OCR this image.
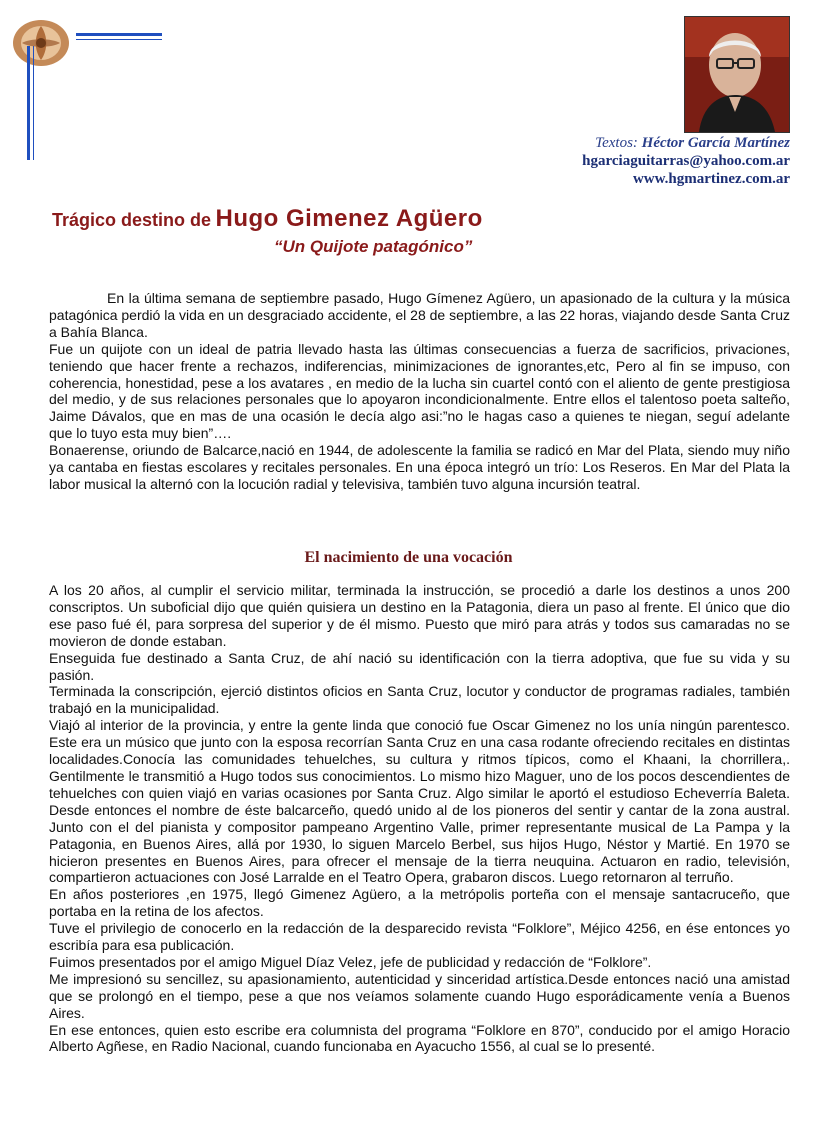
Textos: Héctor García Martínez
hgarciaguitarras@yahoo.com.ar
www.hgmartinez.com.ar
Trágico destino de Hugo Gimenez Agüero
“Un Quijote patagónico”

En la última semana de septiembre pasado, Hugo Gímenez Agüero, un apasionado de la cultura y la música patagónica perdió la vida en un desgraciado accidente, el 28 de septiembre, a las 22 horas, viajando desde Santa Cruz a Bahía Blanca.

Fue un quijote con un ideal de patria llevado hasta las últimas consecuencias a fuerza de sacrificios, privaciones, teniendo que hacer frente a rechazos, indiferencias, minimizaciones de ignorantes,etc, Pero al fin se impuso, con coherencia, honestidad, pese a los avatares , en medio de la lucha sin cuartel contó con el aliento de gente prestigiosa del medio, y de sus relaciones personales que lo apoyaron incondicionalmente. Entre ellos el talentoso poeta salteño, Jaime Dávalos, que en mas de una ocasión le decía algo asi:”no le hagas caso a quienes te niegan, seguí adelante que lo tuyo esta muy bien”….

Bonaerense, oriundo de Balcarce,nació en 1944, de adolescente la familia se radicó en Mar del Plata, siendo muy niño ya cantaba en fiestas escolares y recitales personales. En una época integró un trío: Los Reseros. En Mar del Plata la labor musical la alternó con la locución radial y televisiva, también tuvo alguna incursión teatral.

El nacimiento de una vocación

A los 20 años, al cumplir el servicio militar, terminada la instrucción, se procedió a darle los destinos a unos 200 conscriptos. Un suboficial dijo que quién quisiera un destino en la Patagonia, diera un paso al frente. El único que dio ese paso fué él, para sorpresa del superior y de él mismo. Puesto que miró para atrás y todos sus camaradas no se movieron de donde estaban.

Enseguida fue destinado a Santa Cruz, de ahí nació su identificación con la tierra adoptiva, que fue su vida y su pasión.

Terminada la conscripción, ejerció distintos oficios en Santa Cruz, locutor y conductor de programas radiales, también trabajó en la municipalidad.

Viajó al interior de la provincia, y entre la gente linda que conoció fue Oscar Gimenez no los unía ningún parentesco. Este era un músico que junto con la esposa recorrían Santa Cruz en una casa rodante ofreciendo recitales en distintas localidades.Conocía las comunidades tehuelches, su cultura y ritmos típicos, como el Khaani, la chorrillera,. Gentilmente le transmitió a Hugo todos sus conocimientos. Lo mismo hizo Maguer, uno de los pocos descendientes de tehuelches con quien viajó en varias ocasiones por Santa Cruz. Algo similar le aportó el estudioso Echeverría Baleta. Desde entonces el nombre de éste balcarceño, quedó unido al de los pioneros del sentir y cantar de la zona austral. Junto con el del pianista y compositor pampeano Argentino Valle, primer representante musical de La Pampa y la Patagonia, en Buenos Aires, allá por 1930, lo siguen Marcelo Berbel, sus hijos Hugo, Néstor y Martié. En 1970 se hicieron presentes en Buenos Aires, para ofrecer el mensaje de la tierra neuquina. Actuaron en radio, televisión, compartieron actuaciones con José Larralde en el Teatro Opera, grabaron discos. Luego retornaron al terruño.

En años posteriores ,en 1975, llegó Gimenez Agüero, a la metrópolis porteña con el mensaje santacruceño, que portaba en la retina de los afectos.

Tuve el privilegio de conocerlo en la redacción de la desparecido revista “Folklore”, Méjico 4256, en ése entonces yo escribía para esa publicación.

Fuimos presentados por el amigo Miguel Díaz Velez, jefe de publicidad y redacción de “Folklore”.

Me impresionó su sencillez, su apasionamiento, autenticidad y sinceridad artística.Desde entonces nació una amistad que se prolongó en el tiempo, pese a que nos veíamos solamente cuando Hugo esporádicamente venía a Buenos Aires.

En ese entonces, quien esto escribe era columnista del programa “Folklore en 870”, conducido por el amigo Horacio Alberto Agñese, en Radio Nacional, cuando funcionaba en Ayacucho 1556, al cual se lo presenté.
